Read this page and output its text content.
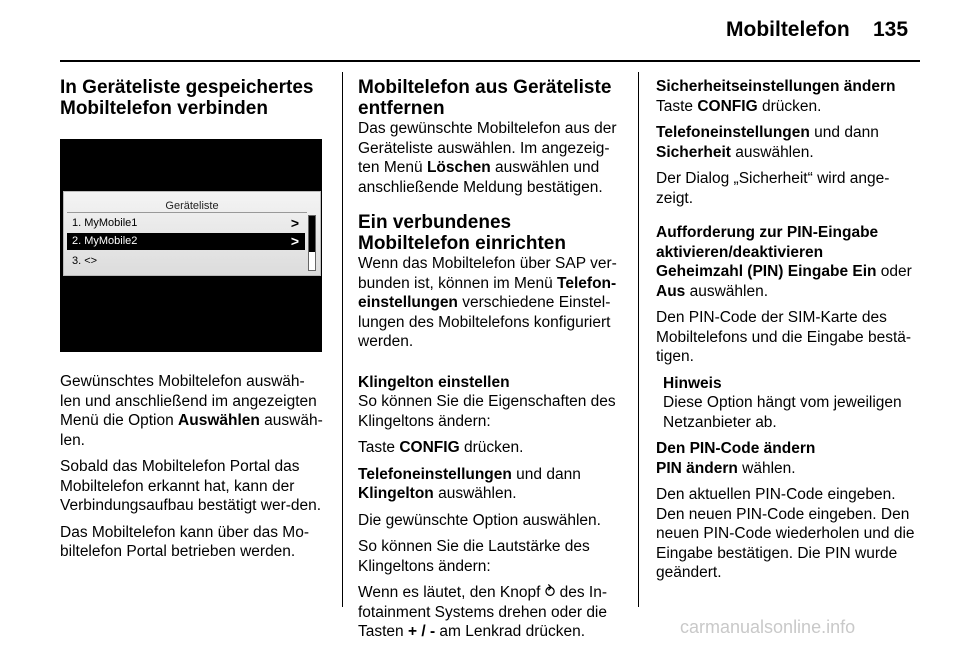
Mobiltelefon 135
In Geräteliste gespeichertes Mobiltelefon verbinden
Geräteliste
1. MyMobile1	>
2. MyMobile2	>
3. <>

Gewünschtes Mobiltelefon auswäh-len und anschließend im angezeigten Menü die Option Auswählen auswäh-len.

Sobald das Mobiltelefon Portal das Mobiltelefon erkannt hat, kann der Verbindungsaufbau bestätigt wer-den.

Das Mobiltelefon kann über das Mo-biltelefon Portal betrieben werden.

Mobiltelefon aus Geräteliste entfernen

Das gewünschte Mobiltelefon aus der Geräteliste auswählen. Im angezeig-ten Menü Löschen auswählen und anschließende Meldung bestätigen.

Ein verbundenes Mobiltelefon einrichten

Wenn das Mobiltelefon über SAP ver-bunden ist, können im Menü Telefon-einstellungen verschiedene Einstel-lungen des Mobiltelefons konfiguriert werden.

Klingelton einstellen

So können Sie die Eigenschaften des Klingeltons ändern:

Taste CONFIG drücken.

Telefoneinstellungen und dann Klingelton auswählen.

Die gewünschte Option auswählen.

So können Sie die Lautstärke des Klingeltons ändern:

Wenn es läutet, den Knopf ⥁ des In-fotainment Systems drehen oder die Tasten + / - am Lenkrad drücken.

Sicherheitseinstellungen ändern

Taste CONFIG drücken.

Telefoneinstellungen und dann Sicherheit auswählen.

Der Dialog „Sicherheit“ wird ange-zeigt.

Aufforderung zur PIN-Eingabe aktivieren/deaktivieren

Geheimzahl (PIN) Eingabe Ein oder Aus auswählen.

Den PIN-Code der SIM-Karte des Mobiltelefons und die Eingabe bestä-tigen.

Hinweis

Diese Option hängt vom jeweiligen Netzanbieter ab.

Den PIN-Code ändern

PIN ändern wählen.

Den aktuellen PIN-Code eingeben. Den neuen PIN-Code eingeben. Den neuen PIN-Code wiederholen und die Eingabe bestätigen. Die PIN wurde geändert.

carmanualsonline.info
